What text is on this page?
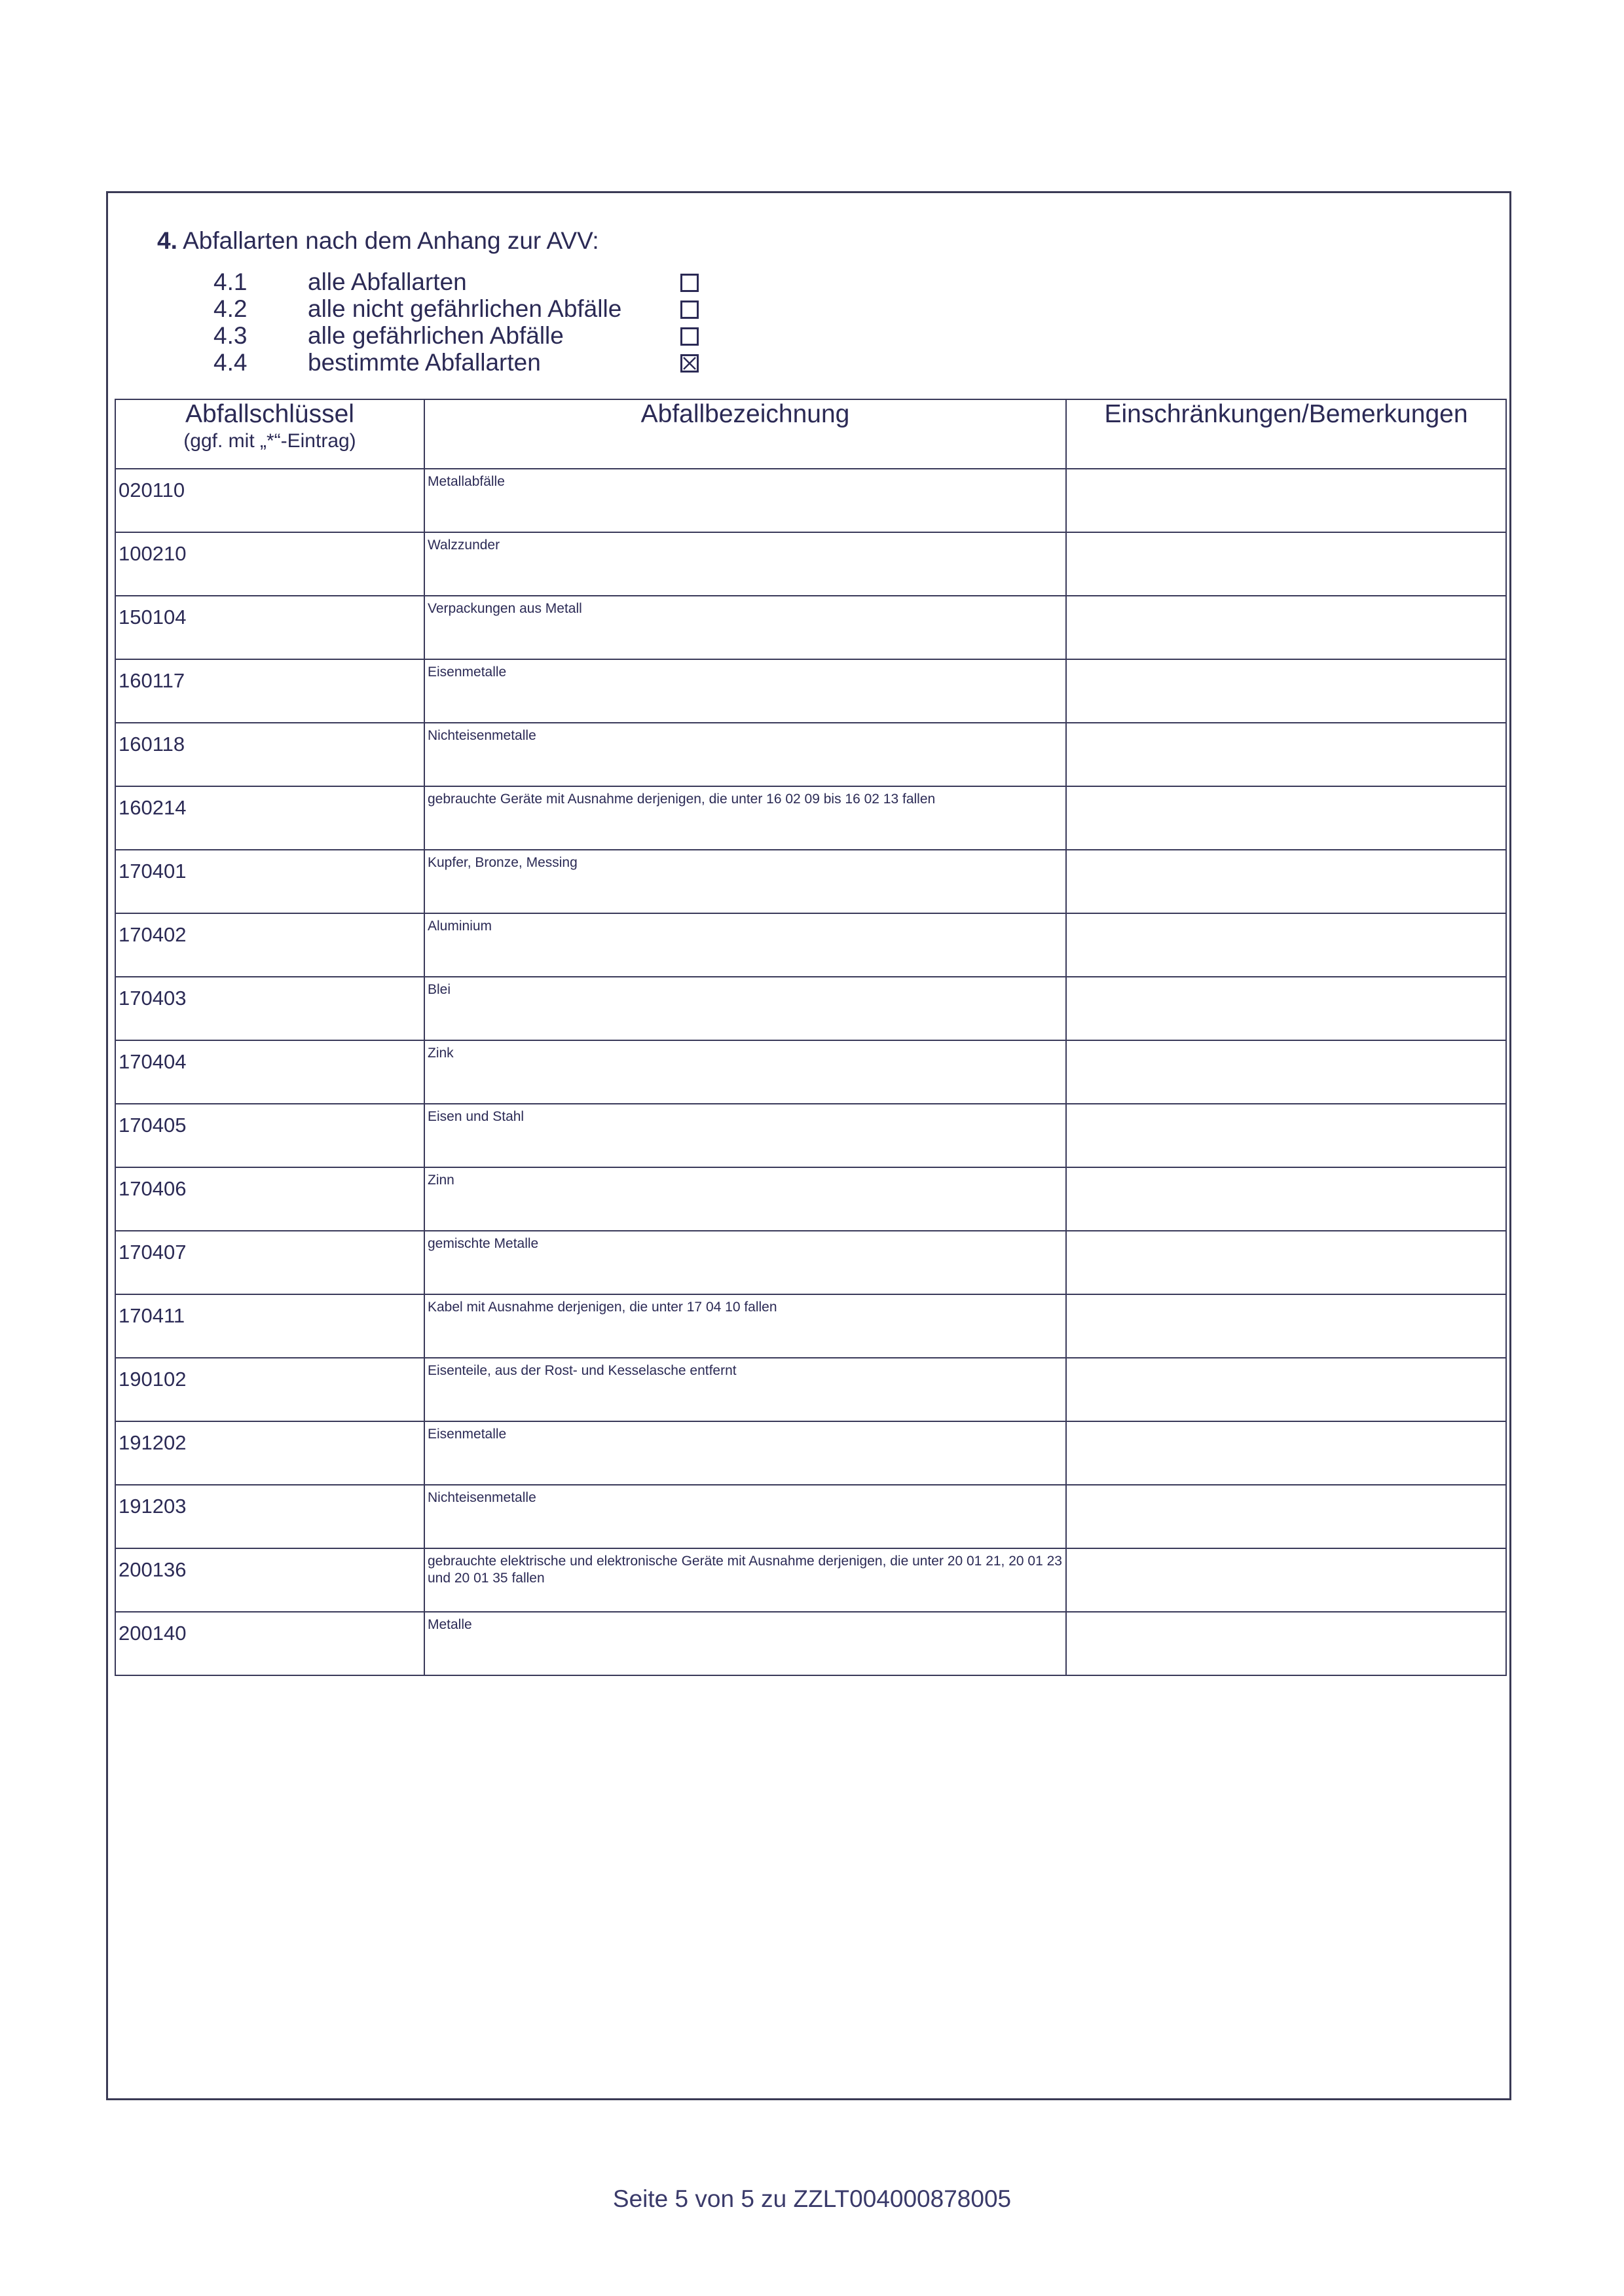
4. Abfallarten nach dem Anhang zur AVV:
4.1	alle Abfallarten
4.2	alle nicht gefährlichen Abfälle
4.3	alle gefährlichen Abfälle
4.4	bestimmte Abfallarten
Abfallschlüssel
(ggf. mit „*“-Eintrag)	Abfallbezeichnung	Einschränkungen/Bemerkungen
020110	Metallabfälle	
100210	Walzzunder	
150104	Verpackungen aus Metall	
160117	Eisenmetalle	
160118	Nichteisenmetalle	
160214	gebrauchte Geräte mit Ausnahme derjenigen, die unter 16 02 09 bis 16 02 13 fallen	
170401	Kupfer, Bronze, Messing	
170402	Aluminium	
170403	Blei	
170404	Zink	
170405	Eisen und Stahl	
170406	Zinn	
170407	gemischte Metalle	
170411	Kabel mit Ausnahme derjenigen, die unter 17 04 10 fallen	
190102	Eisenteile, aus der Rost- und Kesselasche entfernt	
191202	Eisenmetalle	
191203	Nichteisenmetalle	
200136	gebrauchte elektrische und elektronische Geräte mit Ausnahme derjenigen, die unter 20 01 21, 20 01 23 und 20 01 35 fallen	
200140	Metalle	
Seite 5 von 5 zu ZZLT004000878005
